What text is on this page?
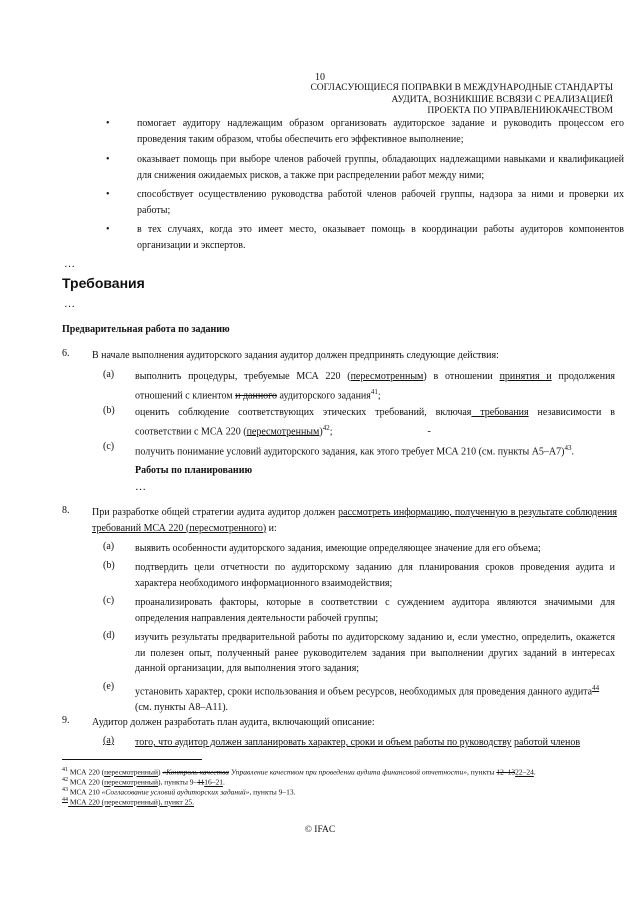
10
СОГЛАСУЮЩИЕСЯ ПОПРАВКИ В МЕЖДУНАРОДНЫЕ СТАНДАРТЫ
АУДИТА, ВОЗНИКШИЕ ВСВЯЗИ С РЕАЛИЗАЦИЕЙ
ПРОЕКТА ПО УПРАВЛЕНИЮКАЧЕСТВОМ
•	помогает аудитору надлежащим образом организовать аудиторское задание и руководить процессом его проведения таким образом, чтобы обеспечить его эффективное выполнение;
•	оказывает помощь при выборе членов рабочей группы, обладающих надлежащими навыками и квалификацией для снижения ожидаемых рисков, а также при распределении работ между ними;
•	способствует осуществлению руководства работой членов рабочей группы, надзора за ними и проверки их работы;
•	в тех случаях, когда это имеет место, оказывает помощь в координации работы аудиторов компонентов организации и экспертов.
…
Требования
…
Предварительная работа по заданию
6. В начале выполнения аудиторского задания аудитор должен предпринять следующие действия:
(a) выполнить процедуры, требуемые МСА 220 (пересмотренным) в отношении принятия и продолжения отношений с клиентом и данного аудиторского задания$^{41}$;
(b) оценить соблюдение соответствующих этических требований, включая требования независимости в соответствии с МСА 220 (пересмотренным)$^{42}$;	-
(c) получить понимание условий аудиторского задания, как этого требует МСА 210 (см. пункты А5–А7)$^{43}$.
Работы по планированию
…
8. При разработке общей стратегии аудита аудитор должен рассмотреть информацию, полученную в результате соблюдения требований МСА 220 (пересмотренного) и:
(a) выявить особенности аудиторского задания, имеющие определяющее значение для его объема;
(b) подтвердить цели отчетности по аудиторскому заданию для планирования сроков проведения аудита и характера необходимого информационного взаимодействия;
(c) проанализировать факторы, которые в соответствии с суждением аудитора являются значимыми для определения направления деятельности рабочей группы;
(d) изучить результаты предварительной работы по аудиторскому заданию и, если уместно, определить, окажется ли полезен опыт, полученный ранее руководителем задания при выполнении других заданий в интересах данной организации, для выполнения этого задания;
(e) установить характер, сроки использования и объем ресурсов, необходимых для проведения данного аудита$^{44}$
(см. пункты А8–А11).
9. Аудитор должен разработать план аудита, включающий описание:
(a) того, что аудитор должен запланировать характер, сроки и объем работы по руководству работой членов
$^{41}$ МСА 220 (пересмотренный) «Контроль качества Управление качеством при проведении аудита финансовой отчетности», пункты 12–1322–24.
$^{42}$ МСА 220 (пересмотренный), пункты 9–1116–21.
$^{43}$ МСА 210 «Согласование условий аудиторских заданий», пункты 9–13.
$^{44}$ МСА 220 (пересмотренный), пункт 25.
© IFAC
